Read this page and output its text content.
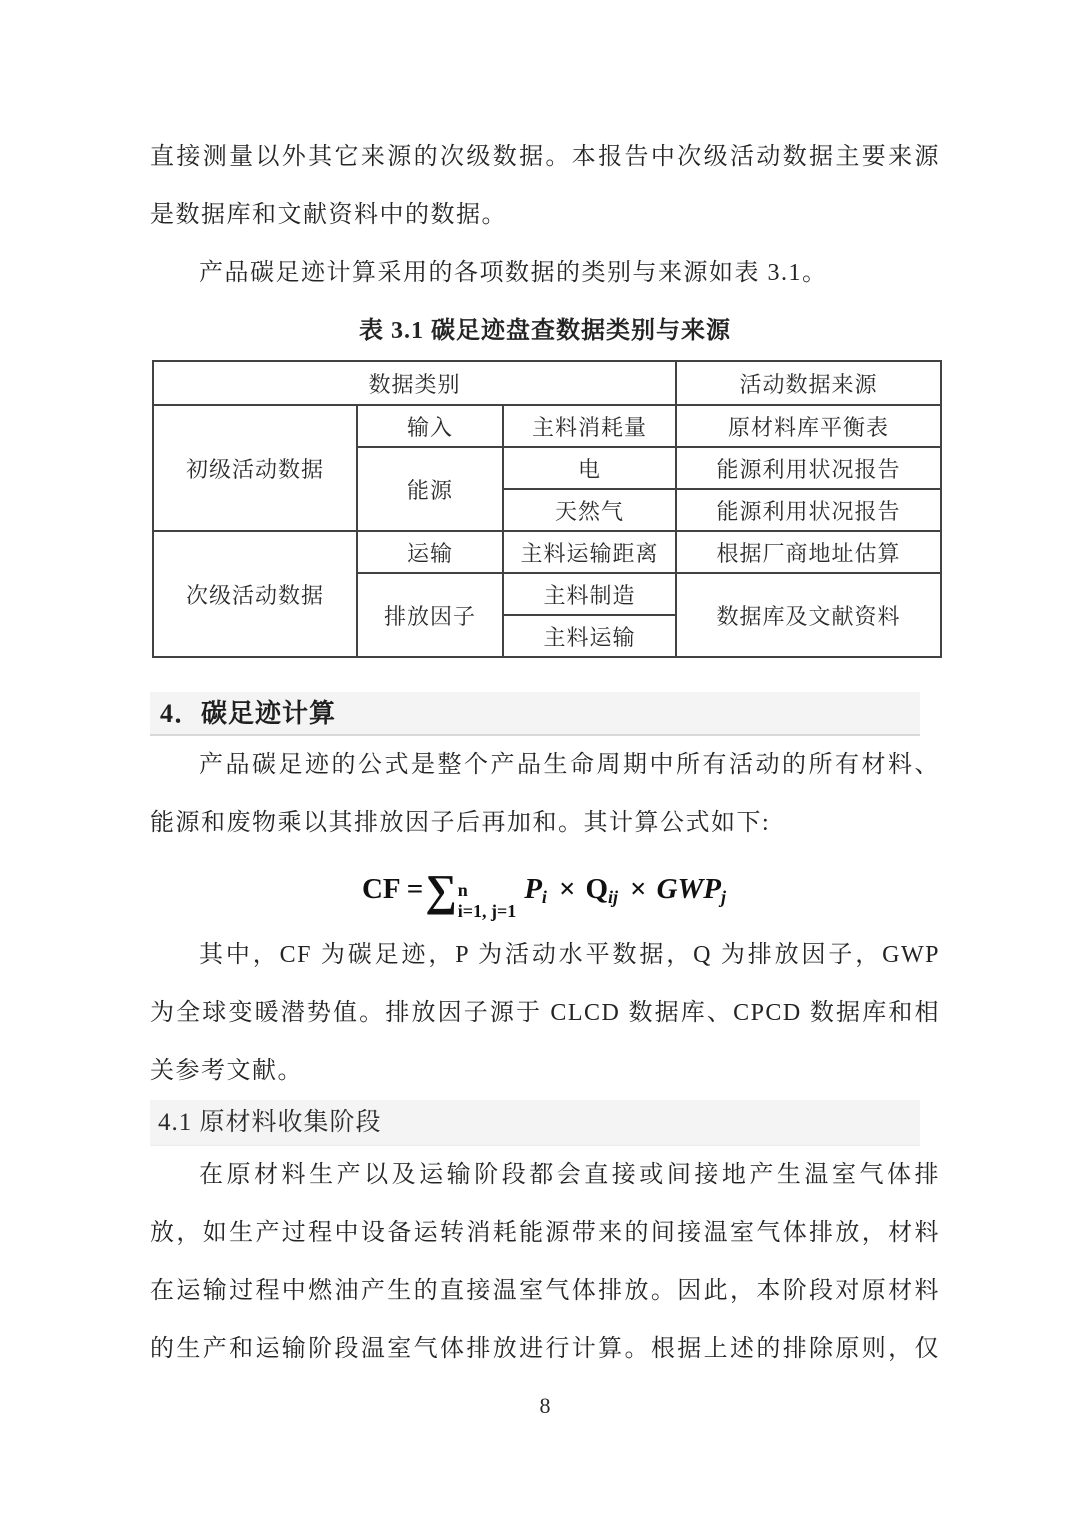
直接测量以外其它来源的次级数据。本报告中次级活动数据主要来源
是数据库和文献资料中的数据。
产品碳足迹计算采用的各项数据的类别与来源如表 3.1。
表 3.1 碳足迹盘查数据类别与来源
数据类别			活动数据来源
初级活动数据	输入	主料消耗量	原材料库平衡表
	能源	电	能源利用状况报告
		天然气	能源利用状况报告
次级活动数据	运输	主料运输距离	根据厂商地址估算
	排放因子	主料制造	数据库及文献资料
		主料运输	
4．碳足迹计算
产品碳足迹的公式是整个产品生命周期中所有活动的所有材料、
能源和废物乘以其排放因子后再加和。其计算公式如下:
CF = ∑ n
i=1, j=1
$P_i \times Q_{ij} \times GWP_j$
其中，CF 为碳足迹，P 为活动水平数据，Q 为排放因子，GWP
为全球变暖潜势值。排放因子源于 CLCD 数据库、CPCD 数据库和相
关参考文献。
4.1 原材料收集阶段
在原材料生产以及运输阶段都会直接或间接地产生温室气体排
放，如生产过程中设备运转消耗能源带来的间接温室气体排放，材料
在运输过程中燃油产生的直接温室气体排放。因此，本阶段对原材料
的生产和运输阶段温室气体排放进行计算。根据上述的排除原则，仅
8
